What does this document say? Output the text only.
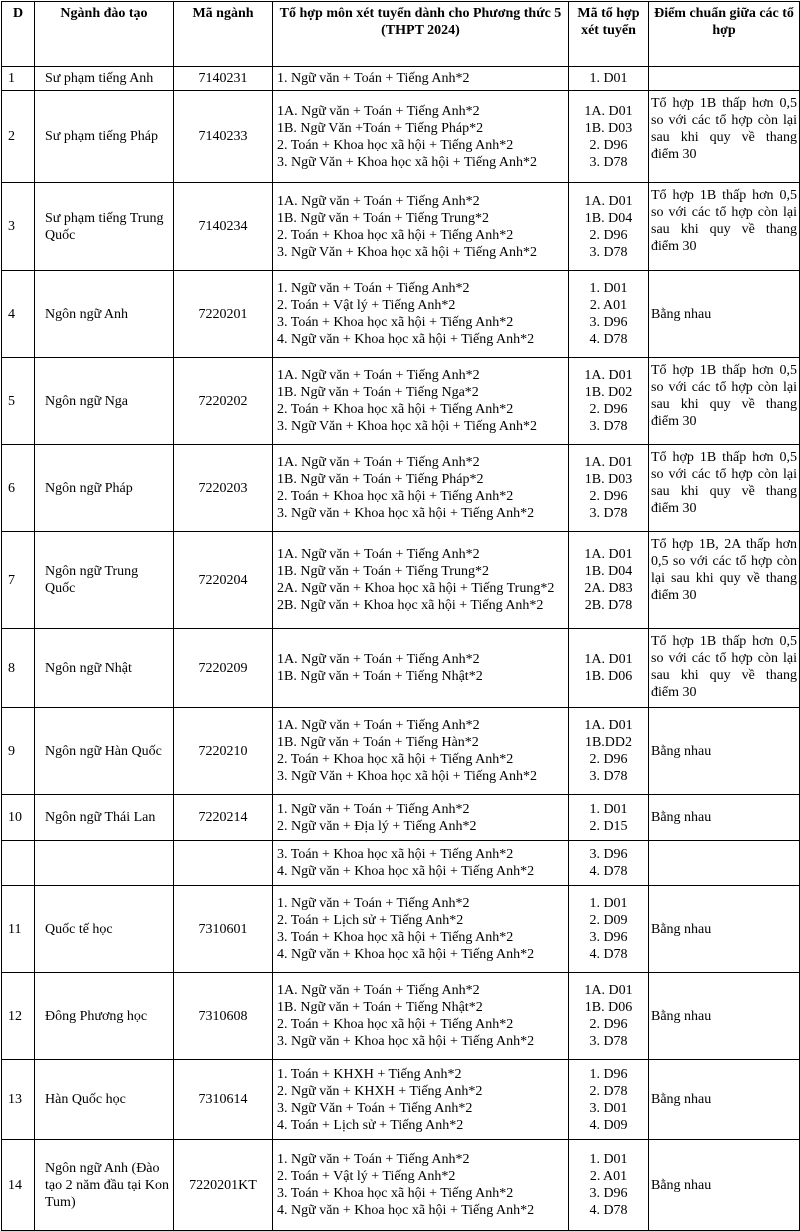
D	Ngành đào tạo	Mã ngành	Tổ hợp môn xét tuyển dành cho Phương thức 5 (THPT 2024)	Mã tổ hợp xét tuyển	Điểm chuẩn giữa các tổ hợp
1	Sư phạm tiếng Anh	7140231	1. Ngữ văn + Toán + Tiếng Anh*2	1. D01	

2	Sư phạm tiếng Pháp	7140233	1A. Ngữ văn + Toán + Tiếng Anh*2
1B. Ngữ Văn +Toán + Tiếng Pháp*2
2. Toán + Khoa học xã hội + Tiếng Anh*2
3. Ngữ Văn + Khoa học xã hội + Tiếng Anh*2	1A. D01
1B. D03
2. D96
3. D78	Tổ hợp 1B thấp hơn 0,5 so với các tổ hợp còn lại sau khi quy về thang điểm 30
3	Sư phạm tiếng Trung Quốc	7140234	1A. Ngữ văn + Toán + Tiếng Anh*2
1B. Ngữ văn + Toán + Tiếng Trung*2
2. Toán + Khoa học xã hội + Tiếng Anh*2
3. Ngữ Văn + Khoa học xã hội + Tiếng Anh*2	1A. D01
1B. D04
2. D96
3. D78	Tổ hợp 1B thấp hơn 0,5 so với các tổ hợp còn lại sau khi quy về thang điểm 30
4	Ngôn ngữ Anh	7220201	1. Ngữ văn + Toán + Tiếng Anh*2
2. Toán + Vật lý + Tiếng Anh*2
3. Toán + Khoa học xã hội + Tiếng Anh*2
4. Ngữ văn + Khoa học xã hội + Tiếng Anh*2	1. D01
2. A01
3. D96
4. D78	Bằng nhau
5	Ngôn ngữ Nga	7220202	1A. Ngữ văn + Toán + Tiếng Anh*2
1B. Ngữ văn + Toán + Tiếng Nga*2
2. Toán + Khoa học xã hội + Tiếng Anh*2
3. Ngữ Văn + Khoa học xã hội + Tiếng Anh*2	1A. D01
1B. D02
2. D96
3. D78	Tổ hợp 1B thấp hơn 0,5 so với các tổ hợp còn lại sau khi quy về thang điểm 30
6	Ngôn ngữ Pháp	7220203	1A. Ngữ văn + Toán + Tiếng Anh*2
1B. Ngữ văn + Toán + Tiếng Pháp*2
2. Toán + Khoa học xã hội + Tiếng Anh*2
3. Ngữ văn + Khoa học xã hội + Tiếng Anh*2	1A. D01
1B. D03
2. D96
3. D78	Tổ hợp 1B thấp hơn 0,5 so với các tổ hợp còn lại sau khi quy về thang điểm 30
7	Ngôn ngữ Trung Quốc	7220204	1A. Ngữ văn + Toán + Tiếng Anh*2
1B. Ngữ văn + Toán + Tiếng Trung*2
2A. Ngữ văn + Khoa học xã hội + Tiếng Trung*2
2B. Ngữ văn + Khoa học xã hội + Tiếng Anh*2	1A. D01
1B. D04
2A. D83
2B. D78	Tổ hợp 1B, 2A thấp hơn 0,5 so với các tổ hợp còn lại sau khi quy về thang điểm 30
8	Ngôn ngữ Nhật	7220209	1A. Ngữ văn + Toán + Tiếng Anh*2
1B. Ngữ văn + Toán + Tiếng Nhật*2	1A. D01
1B. D06	Tổ hợp 1B thấp hơn 0,5 so với các tổ hợp còn lại sau khi quy về thang điểm 30
9	Ngôn ngữ Hàn Quốc	7220210	1A. Ngữ văn + Toán + Tiếng Anh*2
1B. Ngữ văn + Toán + Tiếng Hàn*2
2. Toán + Khoa học xã hội + Tiếng Anh*2
3. Ngữ Văn + Khoa học xã hội + Tiếng Anh*2	1A. D01
1B.DD2
2. D96
3. D78	Bằng nhau
10	Ngôn ngữ Thái Lan	7220214	1. Ngữ văn + Toán + Tiếng Anh*2
2. Ngữ văn + Địa lý + Tiếng Anh*2	1. D01
2. D15	Bằng nhau

			3. Toán + Khoa học xã hội + Tiếng Anh*2
4. Ngữ văn + Khoa học xã hội + Tiếng Anh*2	3. D96
4. D78	

11	Quốc tế học	7310601	1. Ngữ văn + Toán + Tiếng Anh*2
2. Toán + Lịch sử + Tiếng Anh*2
3. Toán + Khoa học xã hội + Tiếng Anh*2
4. Ngữ văn + Khoa học xã hội + Tiếng Anh*2	1. D01
2. D09
3. D96
4. D78	Bằng nhau
12	Đông Phương học	7310608	1A. Ngữ văn + Toán + Tiếng Anh*2
1B. Ngữ văn + Toán + Tiếng Nhật*2
2. Toán + Khoa học xã hội + Tiếng Anh*2
3. Ngữ văn + Khoa học xã hội + Tiếng Anh*2	1A. D01
1B. D06
2. D96
3. D78	Bằng nhau
13	Hàn Quốc học	7310614	1. Toán + KHXH + Tiếng Anh*2
2. Ngữ văn + KHXH + Tiếng Anh*2
3. Ngữ Văn + Toán + Tiếng Anh*2
4. Toán + Lịch sử + Tiếng Anh*2	1. D96
2. D78
3. D01
4. D09	Bằng nhau
14	Ngôn ngữ Anh (Đào tạo 2 năm đầu tại Kon Tum)	7220201KT	1. Ngữ văn + Toán + Tiếng Anh*2
2. Toán + Vật lý + Tiếng Anh*2
3. Toán + Khoa học xã hội + Tiếng Anh*2
4. Ngữ văn + Khoa học xã hội + Tiếng Anh*2	1. D01
2. A01
3. D96
4. D78	Bằng nhau
